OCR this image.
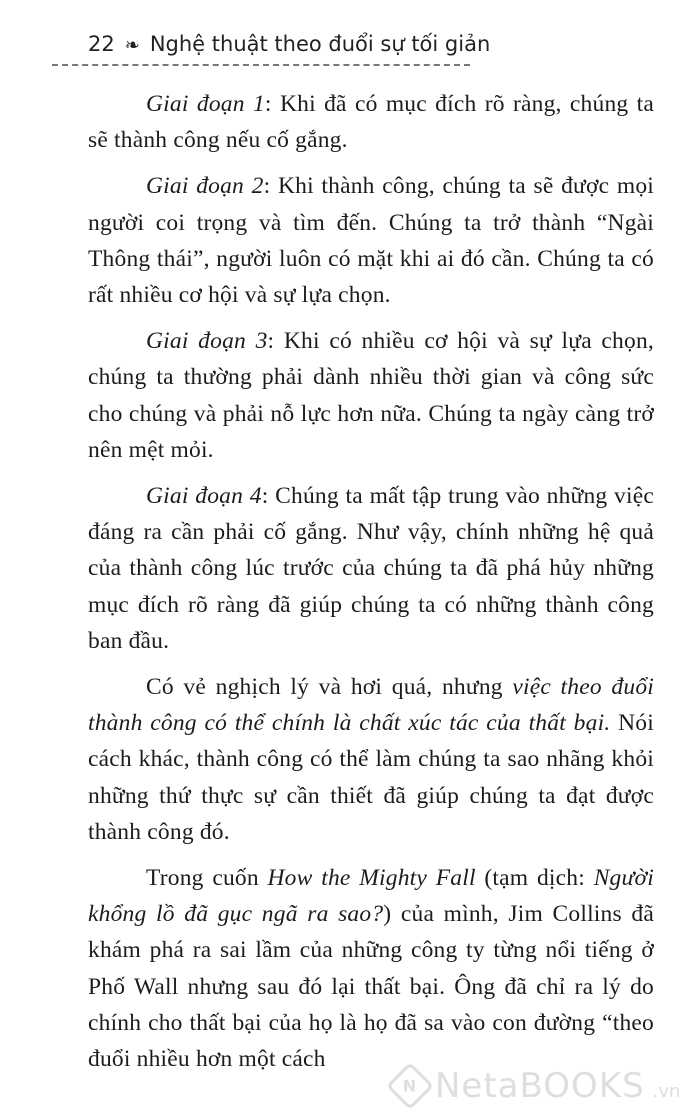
22 ❧ Nghệ thuật theo đuổi sự tối giản

Giai đoạn 1: Khi đã có mục đích rõ ràng, chúng ta sẽ thành công nếu cố gắng.

Giai đoạn 2: Khi thành công, chúng ta sẽ được mọi người coi trọng và tìm đến. Chúng ta trở thành “Ngài Thông thái”, người luôn có mặt khi ai đó cần. Chúng ta có rất nhiều cơ hội và sự lựa chọn.

Giai đoạn 3: Khi có nhiều cơ hội và sự lựa chọn, chúng ta thường phải dành nhiều thời gian và công sức cho chúng và phải nỗ lực hơn nữa. Chúng ta ngày càng trở nên mệt mỏi.

Giai đoạn 4: Chúng ta mất tập trung vào những việc đáng ra cần phải cố gắng. Như vậy, chính những hệ quả của thành công lúc trước của chúng ta đã phá hủy những mục đích rõ ràng đã giúp chúng ta có những thành công ban đầu.

Có vẻ nghịch lý và hơi quá, nhưng việc theo đuổi thành công có thể chính là chất xúc tác của thất bại. Nói cách khác, thành công có thể làm chúng ta sao nhãng khỏi những thứ thực sự cần thiết đã giúp chúng ta đạt được thành công đó.

Trong cuốn How the Mighty Fall (tạm dịch: Người khổng lồ đã gục ngã ra sao?) của mình, Jim Collins đã khám phá ra sai lầm của những công ty từng nổi tiếng ở Phố Wall nhưng sau đó lại thất bại. Ông đã chỉ ra lý do chính cho thất bại của họ là họ đã sa vào con đường “theo đuổi nhiều hơn một cách

N NetaBOOKS .vn
